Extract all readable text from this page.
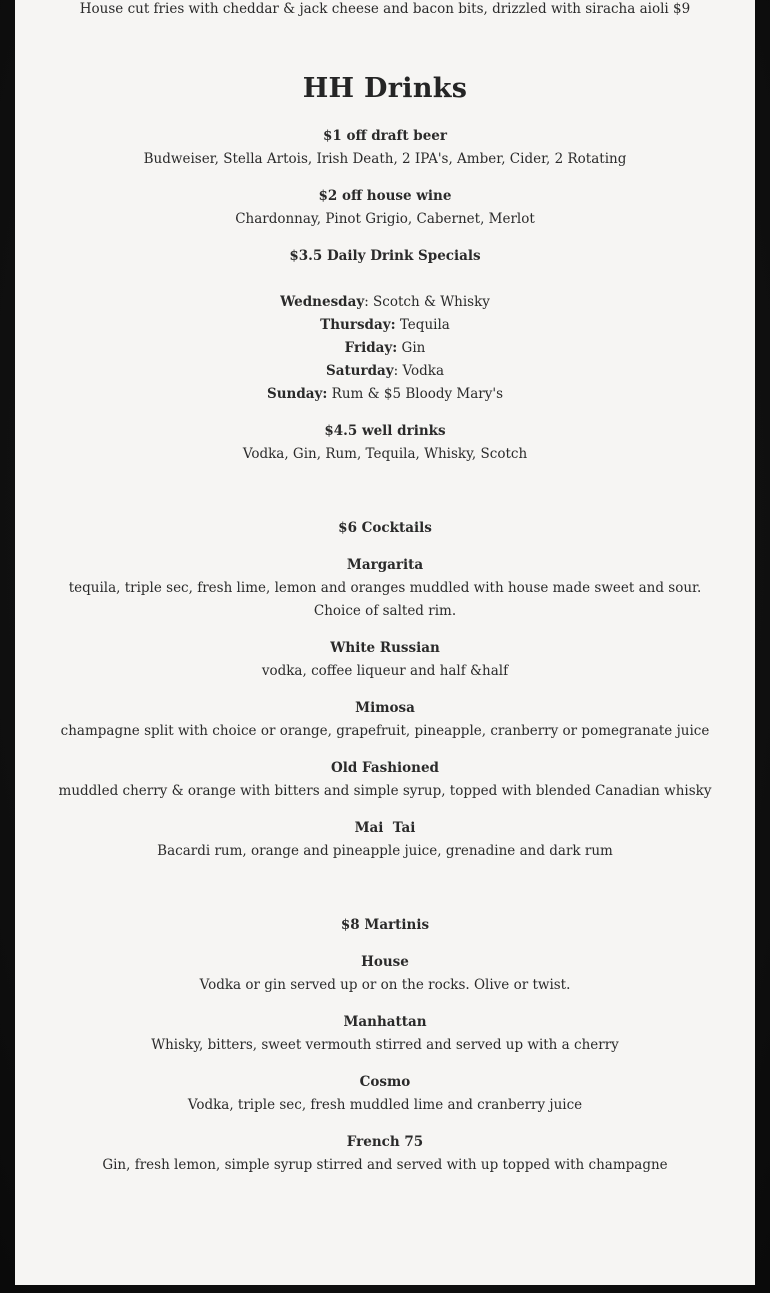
House cut fries with cheddar & jack cheese and bacon bits, drizzled with siracha aioli $9
HH Drinks
$1 off draft beer
Budweiser, Stella Artois, Irish Death, 2 IPA's, Amber, Cider, 2 Rotating
$2 off house wine
Chardonnay, Pinot Grigio, Cabernet, Merlot
$3.5 Daily Drink Specials
Wednesday: Scotch & Whisky
Thursday: Tequila
Friday: Gin
Saturday: Vodka
Sunday: Rum & $5 Bloody Mary's
$4.5 well drinks
Vodka, Gin, Rum, Tequila, Whisky, Scotch
$6 Cocktails
Margarita
tequila, triple sec, fresh lime, lemon and oranges muddled with house made sweet and sour. Choice of salted rim.
White Russian
vodka, coffee liqueur and half &half
Mimosa
champagne split with choice or orange, grapefruit, pineapple, cranberry or pomegranate juice
Old Fashioned
muddled cherry & orange with bitters and simple syrup, topped with blended Canadian whisky
Mai  Tai
Bacardi rum, orange and pineapple juice, grenadine and dark rum
$8 Martinis
House
Vodka or gin served up or on the rocks. Olive or twist.
Manhattan
Whisky, bitters, sweet vermouth stirred and served up with a cherry
Cosmo
Vodka, triple sec, fresh muddled lime and cranberry juice
French 75
Gin, fresh lemon, simple syrup stirred and served with up topped with champagne
